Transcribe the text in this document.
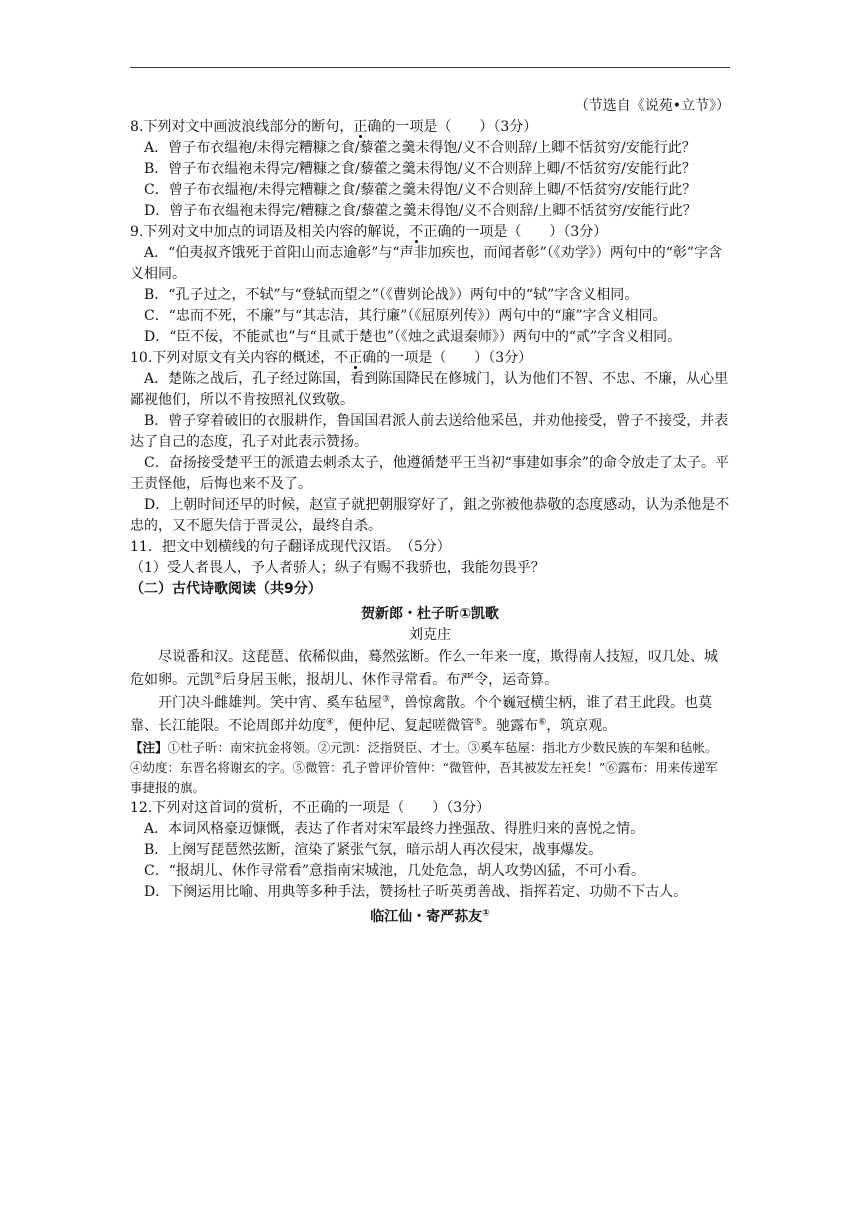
（节选自《说苑•立节》）
8.下列对文中画波浪线部分的断句，正确的一项是（　　）（3分）
A．曾子布衣缊袍/未得完糟糠之食/藜藿之羹未得饱/义不合则辞/上卿不恬贫穷/安能行此？
B．曾子布衣缊袍未得完/糟糠之食/藜藿之羹未得饱/义不合则辞上卿/不恬贫穷/安能行此？
C．曾子布衣缊袍/未得完糟糠之食/藜藿之羹未得饱/义不合则辞上卿/不恬贫穷/安能行此？
D．曾子布衣缊袍未得完/糟糠之食/藜藿之羹未得饱/义不合则辞/上卿不恬贫穷/安能行此？
9.下列对文中加点的词语及相关内容的解说，不正确的一项是（　　）（3分）
A．“伯夷叔齐饿死于首阳山而志逾彰”与“声非加疾也，而闻者彰”（《劝学》）两句中的“彰”字含义相同。
B．“孔子过之，不轼”与“登轼而望之”（《曹刿论战》）两句中的“轼”字含义相同。
C．“忠而不死，不廉”与“其志洁，其行廉”（《屈原列传》）两句中的“廉”字含义相同。
D．“臣不佞，不能贰也”与“且贰于楚也”（《烛之武退秦师》）两句中的“贰”字含义相同。
10.下列对原文有关内容的概述，不正确的一项是（　　）（3分）
A．楚陈之战后，孔子经过陈国，看到陈国降民在修城门，认为他们不智、不忠、不廉，从心里鄙视他们，所以不肯按照礼仪致敬。
B．曾子穿着破旧的衣服耕作，鲁国国君派人前去送给他采邑，并劝他接受，曾子不接受，并表达了自己的态度，孔子对此表示赞扬。
C．奋扬接受楚平王的派遣去刺杀太子，他遵循楚平王当初“事建如事余”的命令放走了太子。平王责怪他，后悔也来不及了。
D．上朝时间还早的时候，赵宣子就把朝服穿好了，鉏之弥被他恭敬的态度感动，认为杀他是不忠的，又不愿失信于晋灵公，最终自杀。
11．把文中划横线的句子翻译成现代汉语。　（5分）
（1）受人者畏人，予人者骄人；纵子有赐不我骄也，我能勿畏乎？
（二）古代诗歌阅读（共9分）
贺新郎・杜子昕①凯歌
刘克庄
尽说番和汉。这琵琶、依稀似曲，蓦然弦断。作么一年来一度，欺得南人技短，叹几处、城危如卵。元凯②后身居玉帐，报胡儿、休作寻常看。布严令，运奇算。
开门决斗雌雄判。笑中宵、奚车毡屋③，兽惊禽散。个个巍冠横尘柄，谁了君王此段。也莫靠、长江能限。不论周郎并幼度④，便仲尼、复起嗟微管⑤。驰露布⑥，筑京观。
【注】①杜子昕：南宋抗金将领。②元凯：泛指贤臣、才士。③奚车毡屋：指北方少数民族的车架和毡帐。④幼度：东晋名将谢玄的字。⑤微管：孔子曾评价管仲：“微管仲，吾其被发左衽矣！”⑥露布：用来传递军事捷报的旗。
12.下列对这首词的赏析，不正确的一项是（　　）（3分）
A．本词风格豪迈慷慨，表达了作者对宋军最终力挫强敌、得胜归来的喜悦之情。
B．上阕写琵琶然弦断，渲染了紧张气氛，暗示胡人再次侵宋，战事爆发。
C．“报胡儿、休作寻常看”意指南宋城池，几处危急，胡人攻势凶猛，不可小看。
D．下阕运用比喻、用典等多种手法，赞扬杜子昕英勇善战、指挥若定、功勋不下古人。
临江仙・寄严荪友①
